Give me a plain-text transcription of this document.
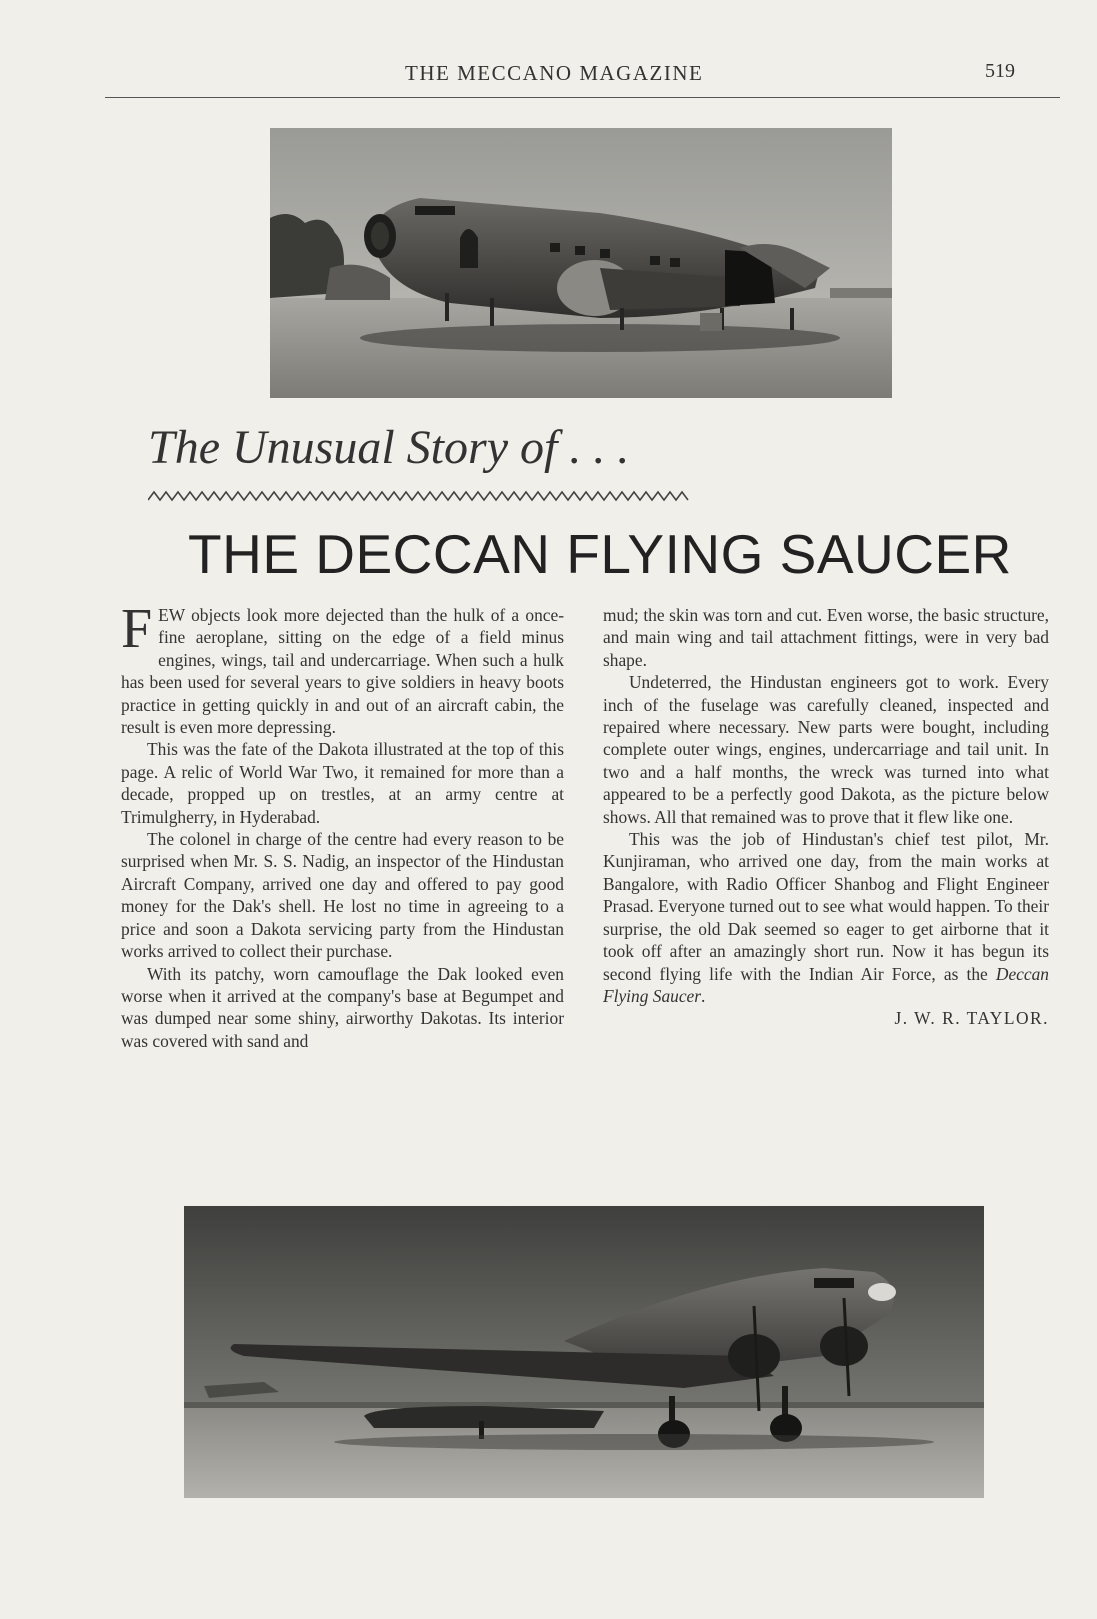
THE MECCANO MAGAZINE	519
The Unusual Story of . . .
THE DECCAN FLYING SAUCER

FEW objects look more dejected than the hulk of a once-fine aeroplane, sitting on the edge of a field minus engines, wings, tail and undercarriage. When such a hulk has been used for several years to give soldiers in heavy boots practice in getting quickly in and out of an aircraft cabin, the result is even more depressing.

This was the fate of the Dakota illustrated at the top of this page. A relic of World War Two, it remained for more than a decade, propped up on trestles, at an army centre at Trimulgherry, in Hyderabad.

The colonel in charge of the centre had every reason to be surprised when Mr. S. S. Nadig, an inspector of the Hindustan Aircraft Company, arrived one day and offered to pay good money for the Dak's shell. He lost no time in agreeing to a price and soon a Dakota servicing party from the Hindustan works arrived to collect their purchase.

With its patchy, worn camouflage the Dak looked even worse when it arrived at the company's base at Begumpet and was dumped near some shiny, airworthy Dakotas. Its interior was covered with sand and

mud; the skin was torn and cut. Even worse, the basic structure, and main wing and tail attachment fittings, were in very bad shape.

Undeterred, the Hindustan engineers got to work. Every inch of the fuselage was carefully cleaned, inspected and repaired where necessary. New parts were bought, including complete outer wings, engines, undercarriage and tail unit. In two and a half months, the wreck was turned into what appeared to be a perfectly good Dakota, as the picture below shows. All that remained was to prove that it flew like one.

This was the job of Hindustan's chief test pilot, Mr. Kunjiraman, who arrived one day, from the main works at Bangalore, with Radio Officer Shanbog and Flight Engineer Prasad. Everyone turned out to see what would happen. To their surprise, the old Dak seemed so eager to get airborne that it took off after an amazingly short run. Now it has begun its second flying life with the Indian Air Force, as the Deccan Flying Saucer.

J. W. R. TAYLOR.
